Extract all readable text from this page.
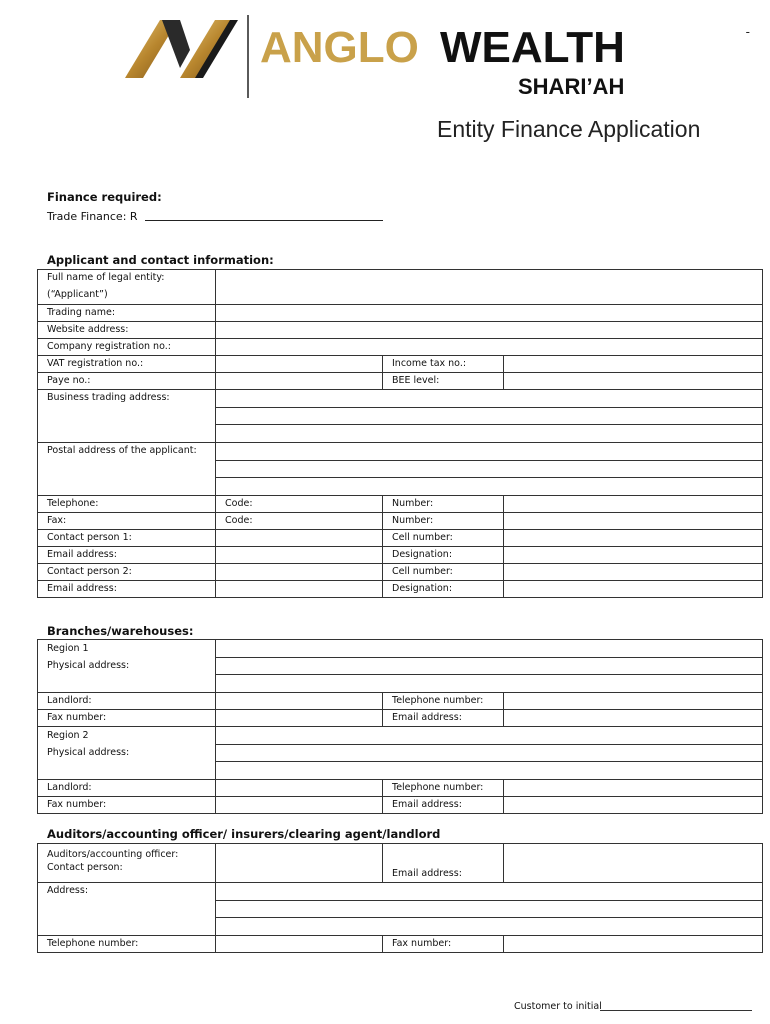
ANGLO WEALTH
SHARI’AH
-
Entity Finance Application
Finance required:
Trade Finance: R
Applicant and contact information:
Full name of legal entity:			
(“Applicant”)			
Trading name:			
Website address:			
Company registration no.:			
VAT registration no.:		Income tax no.:	
Paye no.:		BEE level:	
Business trading address:			

Postal address of the applicant:			

Telephone:	Code:	Number:	
Fax:	Code:	Number:	
Contact person 1:		Cell number:	
Email address:		Designation:	
Contact person 2:		Cell number:	
Email address:		Designation:	
Branches/warehouses:
Region 1
Physical address:			

Landlord:		Telephone number:	
Fax number:		Email address:	
Region 2
Physical address:			

Landlord:		Telephone number:	
Fax number:		Email address:	
Auditors/accounting officer/ insurers/clearing agent/landlord
Auditors/accounting officer:
Contact person:		Email address:	
Address:			

Telephone number:		Fax number:	
Customer to initial
